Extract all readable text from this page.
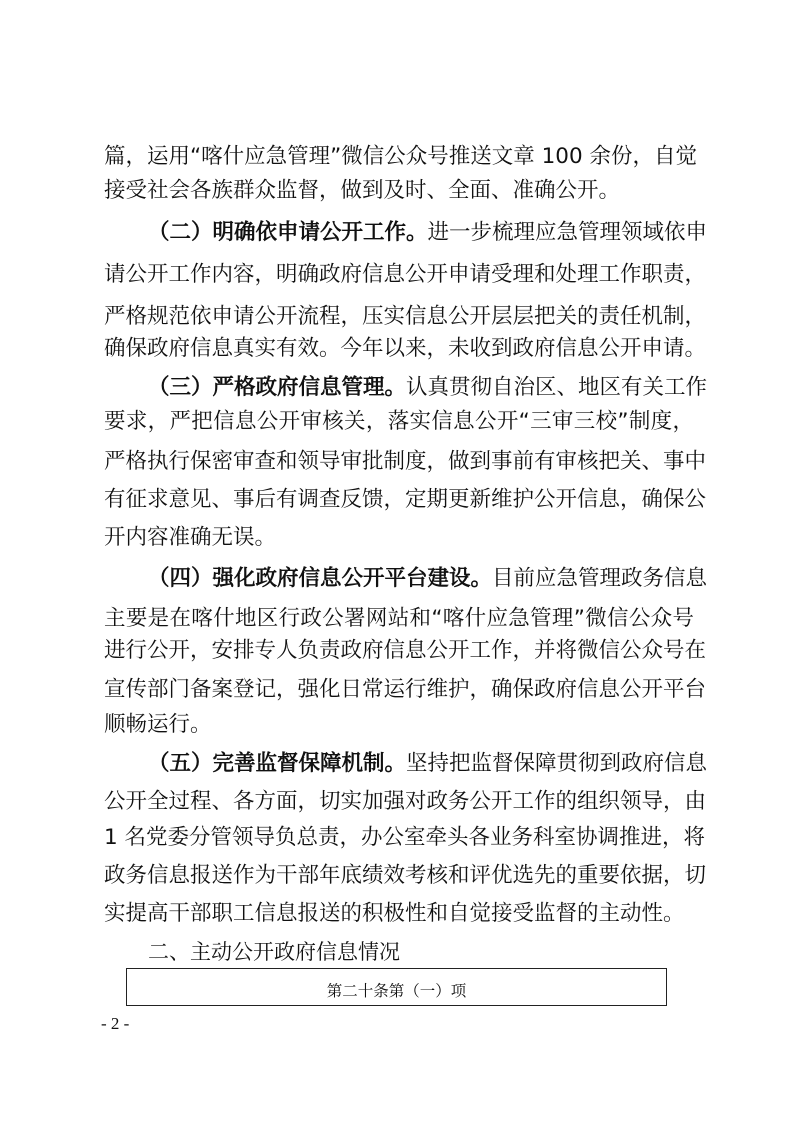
篇，运用“喀什应急管理”微信公众号推送文章 100 余份，自觉
接受社会各族群众监督，做到及时、全面、准确公开。
（二）明确依申请公开工作。进一步梳理应急管理领域依申
请公开工作内容，明确政府信息公开申请受理和处理工作职责，
严格规范依申请公开流程，压实信息公开层层把关的责任机制，
确保政府信息真实有效。今年以来，未收到政府信息公开申请。
（三）严格政府信息管理。认真贯彻自治区、地区有关工作
要求，严把信息公开审核关，落实信息公开“三审三校”制度，
严格执行保密审查和领导审批制度，做到事前有审核把关、事中
有征求意见、事后有调查反馈，定期更新维护公开信息，确保公
开内容准确无误。
（四）强化政府信息公开平台建设。目前应急管理政务信息
主要是在喀什地区行政公署网站和“喀什应急管理”微信公众号
进行公开，安排专人负责政府信息公开工作，并将微信公众号在
宣传部门备案登记，强化日常运行维护，确保政府信息公开平台
顺畅运行。
（五）完善监督保障机制。坚持把监督保障贯彻到政府信息
公开全过程、各方面，切实加强对政务公开工作的组织领导，由
1 名党委分管领导负总责，办公室牵头各业务科室协调推进，将
政务信息报送作为干部年底绩效考核和评优选先的重要依据，切
实提高干部职工信息报送的积极性和自觉接受监督的主动性。
二、主动公开政府信息情况
第二十条第（一）项
- 2 -
